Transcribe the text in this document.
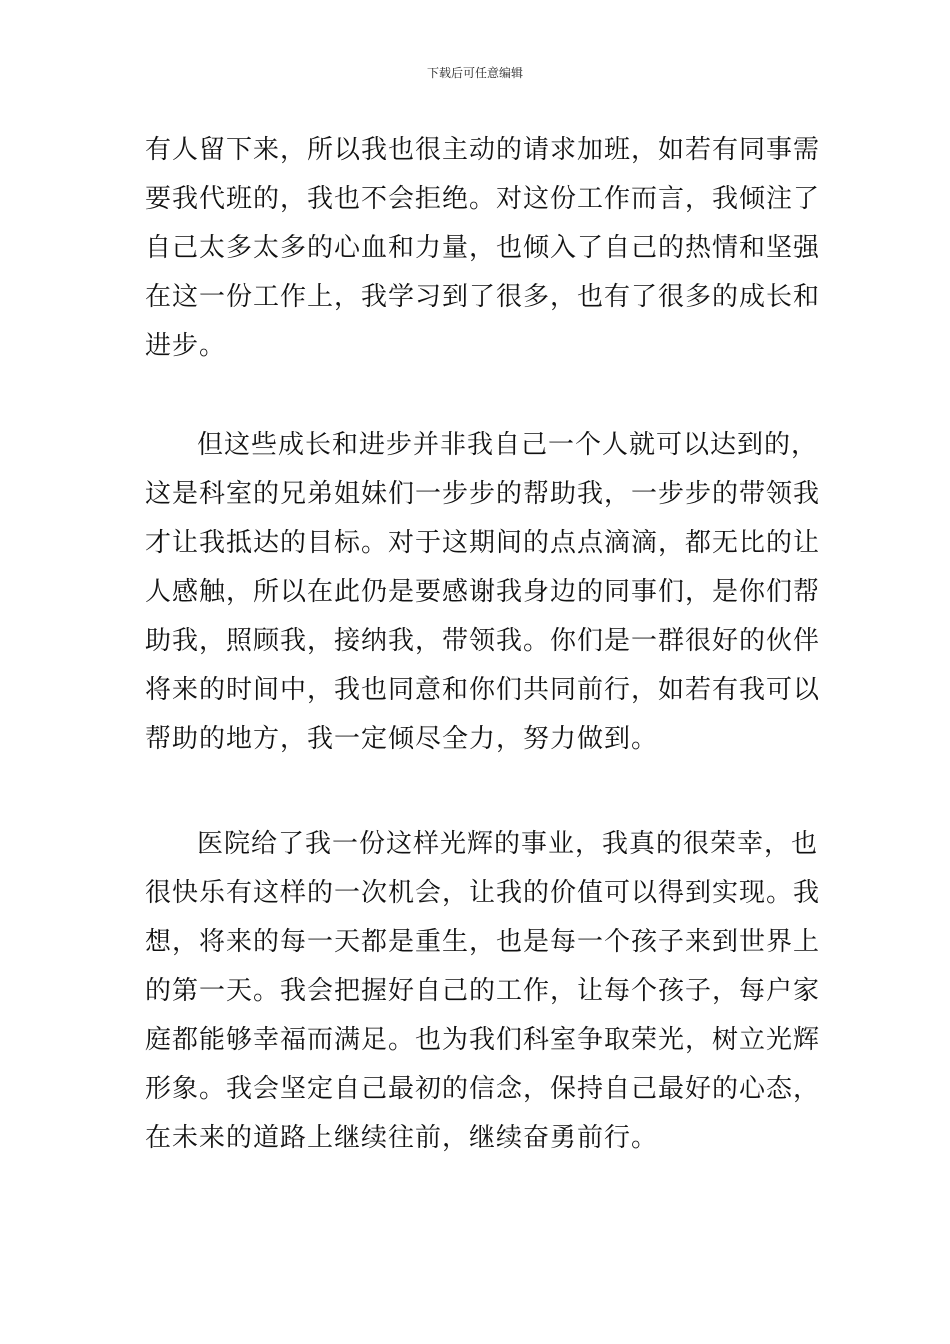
下载后可任意编辑
有人留下来，所以我也很主动的请求加班，如若有同事需
要我代班的，我也不会拒绝。对这份工作而言，我倾注了
自己太多太多的心血和力量，也倾入了自己的热情和坚强
在这一份工作上，我学习到了很多，也有了很多的成长和
进步。
但这些成长和进步并非我自己一个人就可以达到的，
这是科室的兄弟姐妹们一步步的帮助我，一步步的带领我
才让我抵达的目标。对于这期间的点点滴滴，都无比的让
人感触，所以在此仍是要感谢我身边的同事们，是你们帮
助我，照顾我，接纳我，带领我。你们是一群很好的伙伴
将来的时间中，我也同意和你们共同前行，如若有我可以
帮助的地方，我一定倾尽全力，努力做到。
医院给了我一份这样光辉的事业，我真的很荣幸，也
很快乐有这样的一次机会，让我的价值可以得到实现。我
想，将来的每一天都是重生，也是每一个孩子来到世界上
的第一天。我会把握好自己的工作，让每个孩子，每户家
庭都能够幸福而满足。也为我们科室争取荣光，树立光辉
形象。我会坚定自己最初的信念，保持自己最好的心态，
在未来的道路上继续往前，继续奋勇前行。
